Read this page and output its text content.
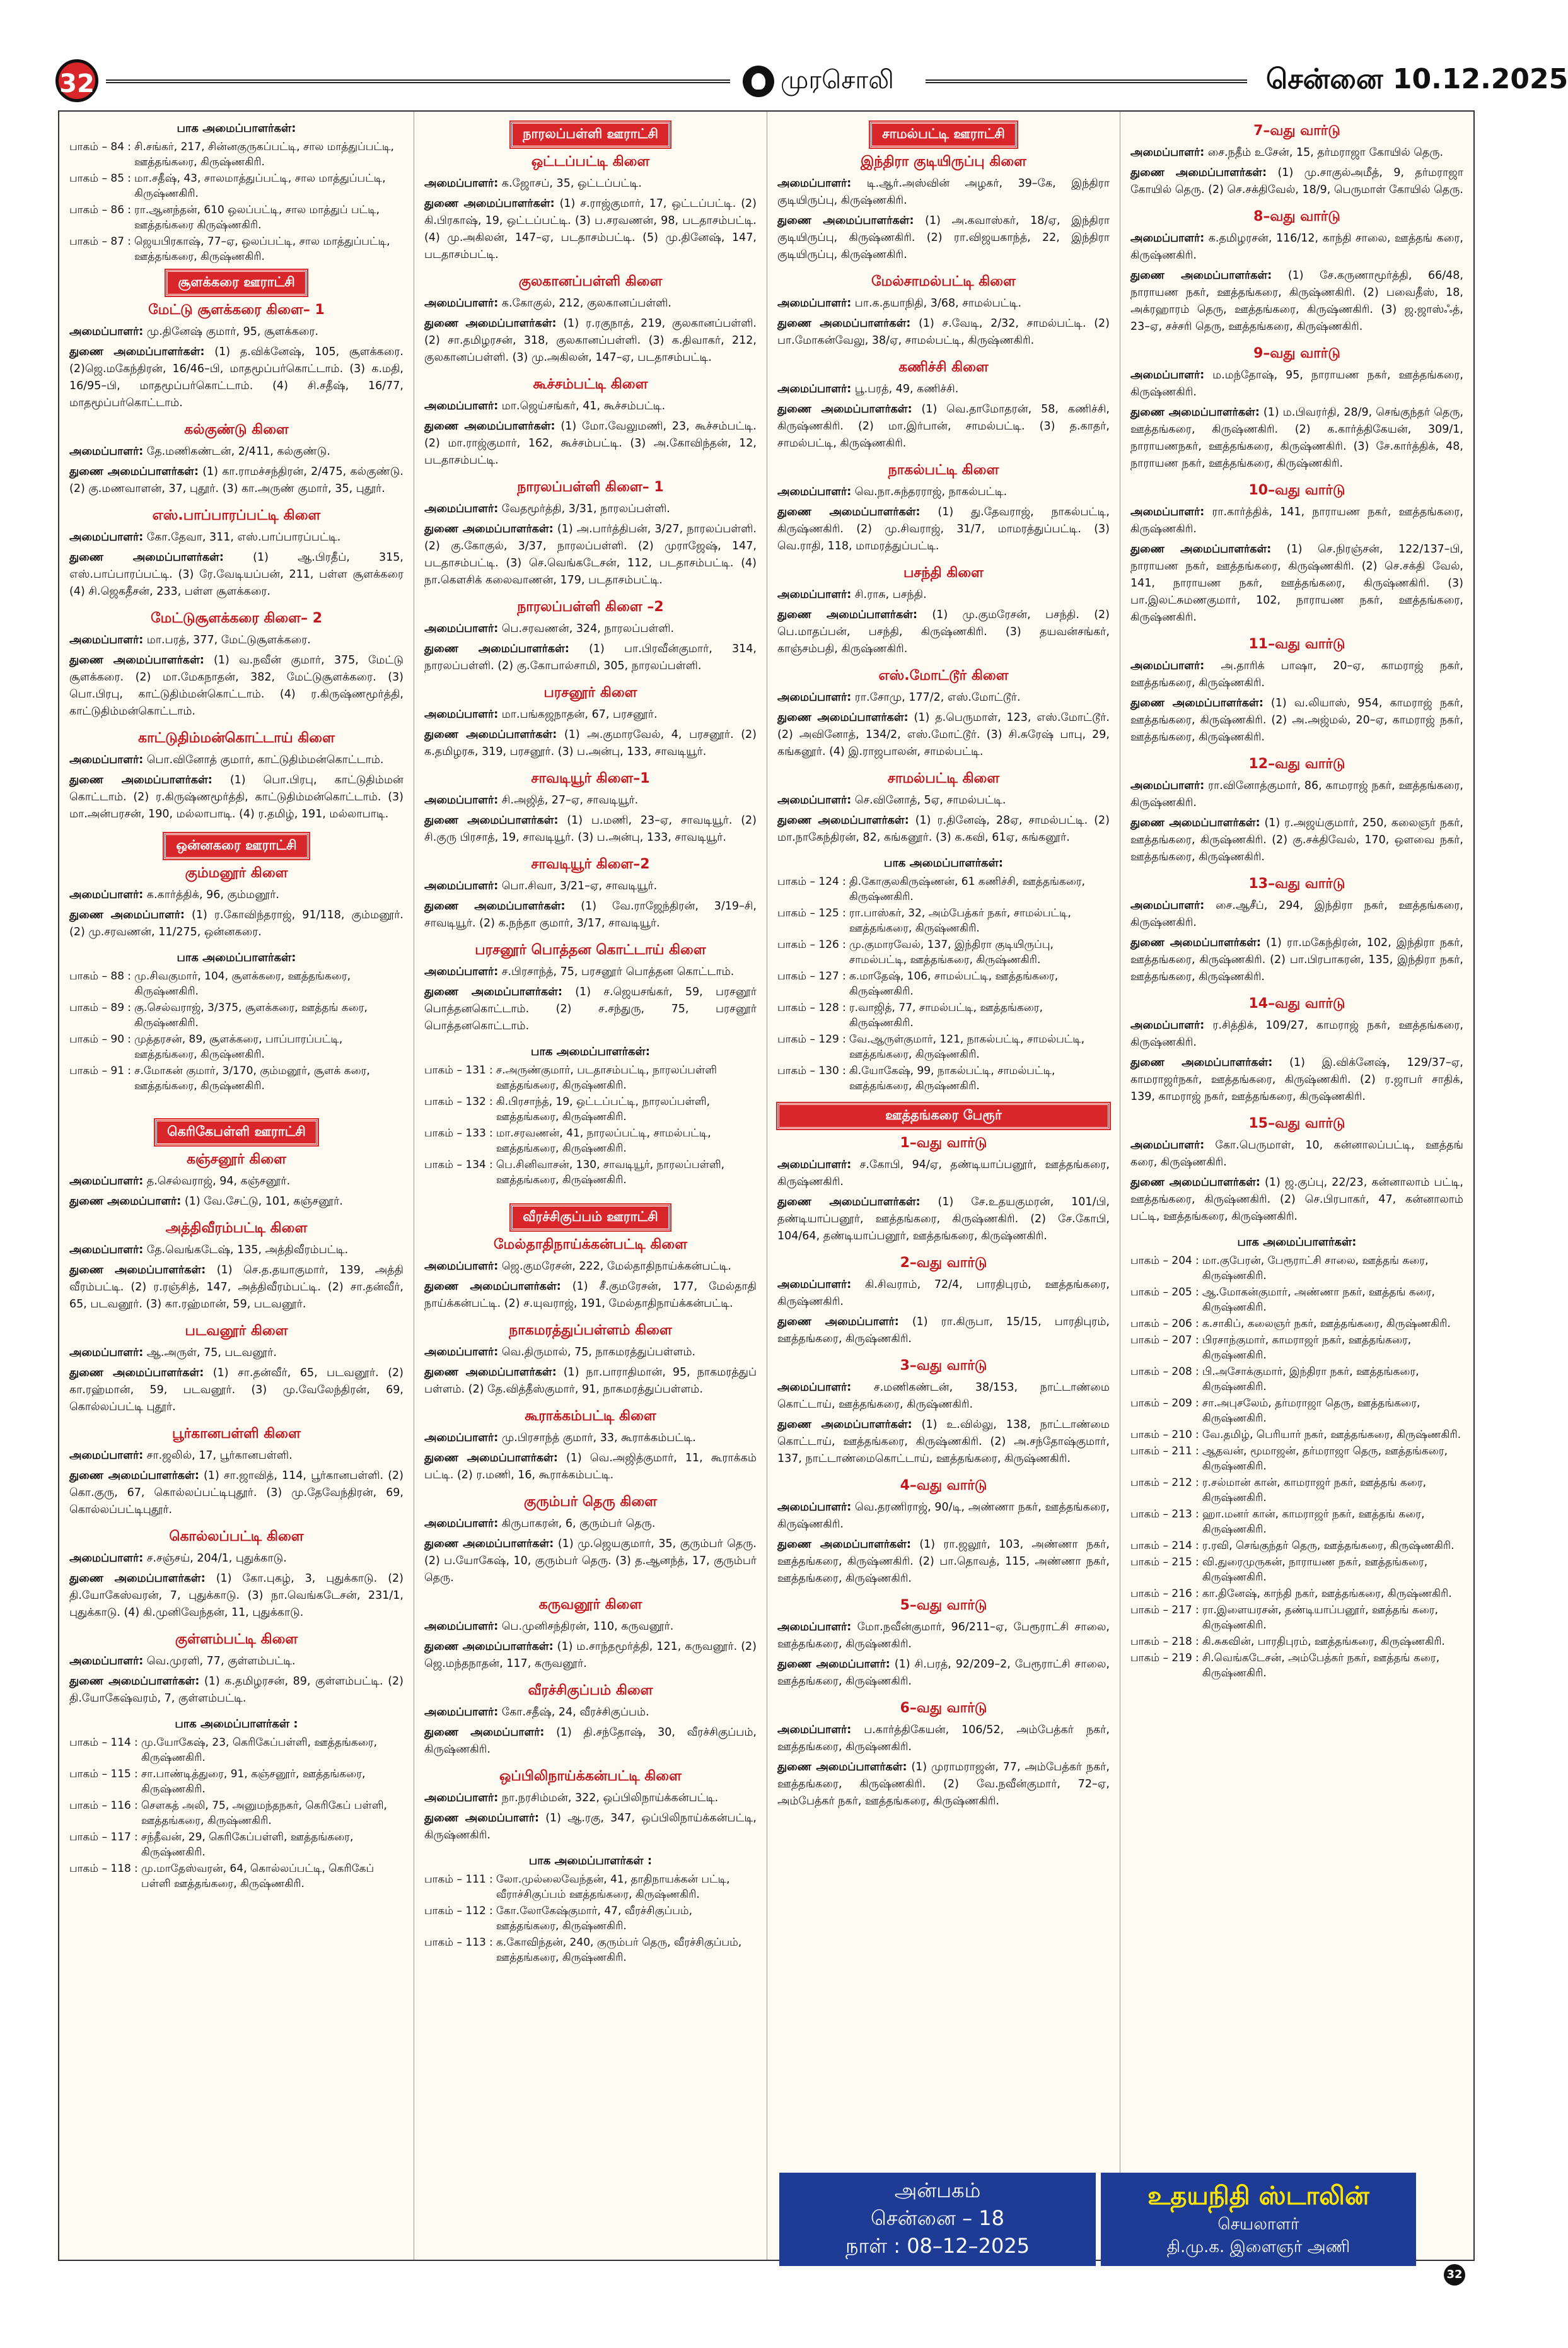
32	முரசொலி	சென்னை 10.12.2025
பாக அமைப்பாளர்கள்:
பாகம் – 84	:	சி.சங்கர், 217, சின்னகுருகப்பட்டி, சால மாத்துப்பட்டி, ஊத்தங்கரை, கிருஷ்ணகிரி.
பாகம் – 85	:	மா.சதீஷ், 43, சாலமாத்துப்பட்டி, சால மாத்துப்பட்டி, கிருஷ்ணகிரி.
பாகம் – 86	:	ரா.ஆனந்தன், 610 ஒலப்பட்டி, சால மாத்துப் பட்டி, ஊத்தங்கரை கிருஷ்ணகிரி.
பாகம் – 87	:	ஜெயபிரகாஷ், 77–ஏ, ஒலப்பட்டி, சால மாத்துப்பட்டி, ஊத்தங்கரை, கிருஷ்ணகிரி.
சூளக்கரை ஊராட்சி
மேட்டு சூளக்கரை கிளை– 1
அமைப்பாளர்: மு.தினேஷ் குமார், 95, சூளக்கரை.
துணை அமைப்பாளர்கள்: (1) த.விக்னேஷ், 105, சூளக்கரை. (2)ஜெ.மகேந்திரன், 16/46–பி, மாதமூப்பர்கொட்டாம். (3) க.மதி, 16/95–பி, மாதமூப்பர்கொட்டாம். (4) சி.சதீஷ், 16/77, மாதமூப்பர்கொட்டாம்.
கல்குண்டு கிளை
அமைப்பாளர்: தே.மணிகண்டன், 2/411, கல்குண்டு.
துணை அமைப்பாளர்கள்: (1) கா.ராமச்சந்திரன், 2/475, கல்குண்டு. (2) கு.மணவாளன், 37, புதூர். (3) கா.அருண் குமார், 35, புதூர்.
எஸ்.பாப்பாரப்பட்டி கிளை
அமைப்பாளர்: கோ.தேவா, 311, எஸ்.பாப்பாரப்பட்டி.
துணை அமைப்பாளர்கள்:	(1) ஆ.பிரதீப், 315, எஸ்.பாப்பாரப்பட்டி. (3) ரே.வேடியப்பன், 211, பள்ள சூளக்கரை (4) சி.ஜெகதீசன், 233, பள்ள சூளக்கரை.
மேட்டுசூளக்கரை கிளை– 2
அமைப்பாளர்: மா.பரத், 377, மேட்டுசூளக்கரை.
துணை அமைப்பாளர்கள்: (1) வ.நவீன் குமார், 375, மேட்டு சூளக்கரை. (2) மா.மேகநாதன், 382, மேட்டுசூளக்கரை. (3) பொ.பிரபு, காட்டுதிம்மன்கொட்டாம். (4) ர.கிருஷ்ணமூர்த்தி, காட்டுதிம்மன்கொட்டாம்.
காட்டுதிம்மன்கொட்டாய் கிளை
அமைப்பாளர்: பொ.வினோத் குமார், காட்டுதிம்மன்கொட்டாம்.
துணை அமைப்பாளர்கள்: (1) பொ.பிரபு, காட்டுதிம்மன் கொட்டாம். (2) ர.கிருஷ்ணமூர்த்தி, காட்டுதிம்மன்கொட்டாம். (3) மா.அன்பரசன், 190, மல்லாபாடி. (4) ர.தமிழ், 191, மல்லாபாடி.
ஒன்னகரை ஊராட்சி
கும்மனூர் கிளை
அமைப்பாளர்: க.கார்த்திக், 96, கும்மனூர்.
துணை அமைப்பாளர்: (1) ர.கோவிந்தராஜ், 91/118, கும்மனூர். (2) மு.சரவணன், 11/275, ஒன்னகரை.
பாக அமைப்பாளர்கள்:
பாகம் – 88	:	மு.சிவகுமார், 104, சூளக்கரை, ஊத்தங்கரை, கிருஷ்ணகிரி.
பாகம் – 89	:	கு.செல்வராஜ், 3/375, சூளக்கரை, ஊத்தங் கரை, கிருஷ்ணகிரி.
பாகம் – 90	:	முத்தரசன், 89, சூளக்கரை, பாப்பாரப்பட்டி, ஊத்தங்கரை, கிருஷ்ணகிரி.
பாகம் – 91	:	ச.மோகன் குமார், 3/170, கும்மனூர், சூளக் கரை, ஊத்தங்கரை, கிருஷ்ணகிரி.
கெரிகேபள்ளி ஊராட்சி
கஞ்சனூர் கிளை
அமைப்பாளர்: த.செல்வராஜ், 94, கஞ்சனூர்.
துணை அமைப்பாளர்: (1) வே.சேட்டு, 101, கஞ்சனூர்.
அத்திவீரம்பட்டி கிளை
அமைப்பாளர்: தே.வெங்கடேஷ், 135, அத்திவீரம்பட்டி.
துணை அமைப்பாளர்கள்: (1) செ.த.தயாகுமார், 139, அத்தி வீரம்பட்டி. (2) ர.ரஞ்சித், 147, அத்திவீரம்பட்டி. (2) சா.தன்வீர், 65, படவனூர். (3) கா.ரஹ்மான், 59, படவனூர்.
படவனூர் கிளை
அமைப்பாளர்: ஆ.அருள், 75, படவனூர்.
துணை அமைப்பாளர்கள்: (1) சா.தன்வீர், 65, படவனூர். (2) கா.ரஹ்மான், 59, படவனூர். (3) மு.வேலேந்திரன், 69, கொல்லப்பட்டி புதூர்.
பூர்கானபள்ளி கிளை
அமைப்பாளர்: சா.ஜலில், 17, பூர்கானபள்ளி.
துணை அமைப்பாளர்கள்: (1) சா.ஜாவித், 114, பூர்கானபள்ளி. (2) கொ.குரு, 67, கொல்லப்பட்டிபுதூர். (3) மு.தேவேந்திரன், 69, கொல்லப்பட்டிபுதூர்.
கொல்லப்பட்டி கிளை
அமைப்பாளர்: ச.சஞ்சய், 204/1, புதுக்காடு.
துணை அமைப்பாளர்கள்: (1) கோ.புகழ், 3, புதுக்காடு. (2) தி.யோகேஸ்வரன், 7, புதுக்காடு. (3) நா.வெங்கடேசன், 231/1, புதுக்காடு. (4) கி.முனிவேந்தன், 11, புதுக்காடு.
குள்ளம்பட்டி கிளை
அமைப்பாளர்: வெ.முரளி, 77, குள்ளம்பட்டி.
துணை அமைப்பாளர்கள்: (1) க.தமிழரசன், 89, குள்ளம்பட்டி. (2) தி.யோகேஷ்வரம், 7, குள்ளம்பட்டி.
பாக அமைப்பாளர்கள் :
பாகம் – 114	:	மு.யோகேஷ், 23, கெரிகேப்பள்ளி, ஊத்தங்கரை, கிருஷ்ணகிரி.
பாகம் – 115	:	சா.பாண்டித்துரை, 91, கஞ்சனூர், ஊத்தங்கரை, கிருஷ்ணகிரி.
பாகம் – 116	:	சௌகத் அலி, 75, அனுமந்தநகர், கெரிகேப் பள்ளி, ஊத்தங்கரை, கிருஷ்ணகிரி.
பாகம் – 117	:	சந்தீவன், 29, கெரிகேப்பள்ளி, ஊத்தங்கரை, கிருஷ்ணகிரி.
பாகம் – 118	:	மு.மாதேஸ்வரன், 64, கொல்லப்பட்டி, கெரிகேப் பள்ளி ஊத்தங்கரை, கிருஷ்ணகிரி.
நாரலப்பள்ளி ஊராட்சி
ஒட்டப்பட்டி கிளை
அமைப்பாளர்: க.ஜோசப், 35, ஒட்டப்பட்டி.
துணை அமைப்பாளர்கள்: (1) ச.ராஜ்குமார், 17, ஒட்டப்பட்டி. (2) கி.பிரகாஷ், 19, ஒட்டப்பட்டி. (3) ப.சரவணன், 98, படதாசம்பட்டி. (4) மு.அகிலன், 147–ஏ, படதாசம்பட்டி. (5) மு.தினேஷ், 147, படதாசம்பட்டி.
குலகானப்பள்ளி கிளை
அமைப்பாளர்: க.கோகுல், 212, குலகானப்பள்ளி.
துணை அமைப்பாளர்கள்: (1) ர.ரகுநாத், 219, குலகானப்பள்ளி. (2) சா.தமிழரசன், 318, குலகானப்பள்ளி. (3) க.திவாகர், 212, குலகானப்பள்ளி. (3) மு.அகிலன், 147–ஏ, படதாசம்பட்டி.
கூச்சம்பட்டி கிளை
அமைப்பாளர்: மா.ஜெய்சங்கர், 41, கூச்சம்பட்டி.
துணை அமைப்பாளர்கள்: (1) மோ.வேலுமணி, 23, கூச்சம்பட்டி. (2) மா.ராஜ்குமார், 162, கூச்சம்பட்டி. (3) அ.கோவிந்தன், 12, படதாசம்பட்டி.
நாரலப்பள்ளி கிளை– 1
அமைப்பாளர்: வேதமூர்த்தி, 3/31, நாரலப்பள்ளி.
துணை அமைப்பாளர்கள்: (1) அ.பார்த்திபன், 3/27, நாரலப்பள்ளி. (2) கு.கோகுல், 3/37, நாரலப்பள்ளி. (2) முராஜேஷ், 147, படதாசம்பட்டி. (3) செ.வெங்கடேசன், 112, படதாசம்பட்டி. (4) நா.கௌசிக் கலைவாணன், 179, படதாசம்பட்டி.
நாரலப்பள்ளி கிளை –2
அமைப்பாளர்: பெ.சரவணன், 324, நாரலப்பள்ளி.
துணை அமைப்பாளர்கள்: (1) பா.பிரவீன்குமார், 314, நாரலப்பள்ளி. (2) கு.கோபால்சாமி, 305, நாரலப்பள்ளி.
பரசனூர் கிளை
அமைப்பாளர்: மா.பங்கஜநாதன், 67, பரசனூர்.
துணை அமைப்பாளர்கள்: (1) அ.குமாரவேல், 4, பரசனூர். (2) க.தமிழரசு, 319, பரசனூர். (3) ப.அன்பு, 133, சாவடியூர்.
சாவடியூர் கிளை–1
அமைப்பாளர்: சி.அஜித், 27–ஏ, சாவடியூர்.
துணை அமைப்பாளர்கள்: (1) ப.மணி, 23–ஏ, சாவடியூர். (2) சி.குரு பிரசாத், 19, சாவடியூர். (3) ப.அன்பு, 133, சாவடியூர்.
சாவடியூர் கிளை–2
அமைப்பாளர்: பொ.சிவா, 3/21–ஏ, சாவடியூர்.
துணை அமைப்பாளர்கள்: (1) வே.ராஜேந்திரன், 3/19–சி, சாவடியூர். (2) க.நந்தா குமார், 3/17, சாவடியூர்.
பரசனூர் பொத்தன கொட்டாய் கிளை
அமைப்பாளர்: ச.பிரசாந்த், 75, பரசனூர் பொத்தன கொட்டாம்.
துணை அமைப்பாளர்கள்: (1) ச.ஜெயசங்கர், 59, பரசனூர் பொத்தனகொட்டாம். (2) ச.சந்துரு, 75, பரசனூர் பொத்தனகொட்டாம்.
பாக அமைப்பாளர்கள்:
பாகம் – 131	:	ச.அருண்குமார், படதாசம்பட்டி, நாரலப்பள்ளி ஊத்தங்கரை, கிருஷ்ணகிரி.
பாகம் – 132	:	கி.பிரசாந்த், 19, ஒட்டப்பட்டி, நாரலப்பள்ளி, ஊத்தங்கரை, கிருஷ்ணகிரி.
பாகம் – 133	:	மா.சரவணன், 41, நாரலப்பட்டி, சாமல்பட்டி, ஊத்தங்கரை, கிருஷ்ணகிரி.
பாகம் – 134	:	பெ.சினிவாசன், 130, சாவடியூர், நாரலப்பள்ளி, ஊத்தங்கரை, கிருஷ்ணகிரி.
வீரச்சிகுப்பம் ஊராட்சி
மேல்தாதிநாய்க்கன்பட்டி கிளை
அமைப்பாளர்: ஜெ.குமரேசன், 222, மேல்தாதிநாய்க்கன்பட்டி.
துணை அமைப்பாளர்கள்: (1) சீ.குமரேசன், 177, மேல்தாதி நாய்க்கன்பட்டி. (2) ச.யுவராஜ், 191, மேல்தாதிநாய்க்கன்பட்டி.
நாகமரத்துப்பள்ளம் கிளை
அமைப்பாளர்: வெ.திருமால், 75, நாகமரத்துப்பள்ளம்.
துணை அமைப்பாளர்கள்: (1) நா.பாராதிமான், 95, நாகமரத்துப் பள்ளம். (2) தே.வித்தீஸ்குமார், 91, நாகமரத்துப்பள்ளம்.
கூராக்கம்பட்டி கிளை
அமைப்பாளர்: மு.பிரசாந்த் குமார், 33, கூராக்கம்பட்டி.
துணை அமைப்பாளர்கள்: (1) வெ.அஜித்குமார், 11, கூராக்கம் பட்டி. (2) ர.மணி, 16, கூராக்கம்பட்டி.
குரும்பர் தெரு கிளை
அமைப்பாளர்: கிருபாகரன், 6, குரும்பர் தெரு.
துணை அமைப்பாளர்கள்: (1) மு.ஜெயகுமார், 35, குரும்பர் தெரு. (2) ப.யோகேஷ், 10, குரும்பர் தெரு. (3) த.ஆனந்த், 17, குரும்பர் தெரு.
கருவனூர் கிளை
அமைப்பாளர்: பெ.முனிசந்திரன், 110, கருவனூர்.
துணை அமைப்பாளர்கள்: (1) ம.சாந்தமூர்த்தி, 121, கருவனூர். (2) ஜெ.மந்தநாதன், 117, கருவனூர்.
வீரச்சிகுப்பம் கிளை
அமைப்பாளர்: கோ.சதீஷ், 24, வீரச்சிகுப்பம்.
துணை அமைப்பாளர்: (1) தி.சந்தோஷ், 30, வீரச்சிகுப்பம், கிருஷ்ணகிரி.
ஒப்பிலிநாய்க்கன்பட்டி கிளை
அமைப்பாளர்: நா.நரசிம்மன், 322, ஒப்பிலிநாய்க்கன்பட்டி.
துணை அமைப்பாளர்: (1) ஆ.ரகு, 347, ஒப்பிலிநாய்க்கன்பட்டி, கிருஷ்ணகிரி.
பாக அமைப்பாளர்கள் :
பாகம் – 111	:	லோ.முல்லைவேந்தன், 41, தாதிநாயக்கன் பட்டி, வீராச்சிகுப்பம் ஊத்தங்கரை, கிருஷ்ணகிரி.
பாகம் – 112	:	கோ.லோகேஷ்குமார், 47, வீரச்சிகுப்பம், ஊத்தங்கரை, கிருஷ்ணகிரி.
பாகம் – 113	:	க.கோவிந்தன், 240, குரும்பர் தெரு, வீரச்சிகுப்பம், ஊத்தங்கரை, கிருஷ்ணகிரி.
சாமல்பட்டி ஊராட்சி
இந்திரா குடியிருப்பு கிளை
அமைப்பாளர்: டி.ஆர்.அஸ்வின் அழகர், 39–கே, இந்திரா குடியிருப்பு, கிருஷ்ணகிரி.
துணை அமைப்பாளர்கள்: (1) அ.கவாஸ்கர், 18/ஏ, இந்திரா குடியிருப்பு, கிருஷ்ணகிரி. (2) ரா.விஜயகாந்த், 22, இந்திரா குடியிருப்பு, கிருஷ்ணகிரி.
மேல்சாமல்பட்டி கிளை
அமைப்பாளர்: பா.க.தயாநிதி, 3/68, சாமல்பட்டி.
துணை அமைப்பாளர்கள்: (1) ச.வேடி, 2/32, சாமல்பட்டி. (2) பா.மோகன்வேலு, 38/ஏ, சாமல்பட்டி, கிருஷ்ணகிரி.
கணிச்சி கிளை
அமைப்பாளர்: பூ.பரத், 49, கணிச்சி.
துணை அமைப்பாளர்கள்: (1) வெ.தாமோதரன், 58, கணிச்சி, கிருஷ்ணகிரி. (2) மா.இர்பான், சாமல்பட்டி. (3) த.காதர், சாமல்பட்டி, கிருஷ்ணகிரி.
நாகல்பட்டி கிளை
அமைப்பாளர்: வெ.நா.சுந்தரராஜ், நாகல்பட்டி.
துணை அமைப்பாளர்கள்: (1) து.தேவராஜ், நாகல்பட்டி, கிருஷ்ணகிரி. (2) மு.சிவராஜ், 31/7, மாமரத்துப்பட்டி. (3) வெ.ராதி, 118, மாமரத்துப்பட்டி.
பசந்தி கிளை
அமைப்பாளர்: சி.ராசு, பசந்தி.
துணை அமைப்பாளர்கள்: (1) மு.குமரேசன், பசந்தி. (2) பெ.மாதப்பன், பசந்தி, கிருஷ்ணகிரி. (3) தயவன்சங்கர், காஞ்சம்பதி, கிருஷ்ணகிரி.
எஸ்.மோட்டூர் கிளை
அமைப்பாளர்: ரா.சோமு, 177/2, எஸ்.மோட்டூர்.
துணை அமைப்பாளர்கள்: (1) த.பெருமாள், 123, எஸ்.மோட்டூர். (2) அவினோத், 134/2, எஸ்.மோட்டூர். (3) சி.சுரேஷ் பாபு, 29, கங்கனூர். (4) இ.ராஜபாலன், சாமல்பட்டி.
சாமல்பட்டி கிளை
அமைப்பாளர்: செ.வினோத், 5ஏ, சாமல்பட்டி.
துணை அமைப்பாளர்கள்: (1) ர.தினேஷ், 28ஏ, சாமல்பட்டி. (2) மா.நாகேந்திரன், 82, கங்கனூர். (3) க.கவி, 61ஏ, கங்கனூர்.
பாக அமைப்பாளர்கள்:
பாகம் – 124	:	தி.கோகுலகிருஷ்ணன், 61 கணிச்சி, ஊத்தங்கரை, கிருஷ்ணகிரி.
பாகம் – 125	:	ரா.பாஸ்கர், 32, அம்பேத்கர் நகர், சாமல்பட்டி, ஊத்தங்கரை, கிருஷ்ணகிரி.
பாகம் – 126	:	மு.குமாரவேல், 137, இந்திரா குடியிருப்பு, சாமல்பட்டி, ஊத்தங்கரை, கிருஷ்ணகிரி.
பாகம் – 127	:	க.மாதேஷ், 106, சாமல்பட்டி, ஊத்தங்கரை, கிருஷ்ணகிரி.
பாகம் – 128	:	ர.வாஜித், 77, சாமல்பட்டி, ஊத்தங்கரை, கிருஷ்ணகிரி.
பாகம் – 129	:	வே.ஆருள்குமார், 121, நாகல்பட்டி, சாமல்பட்டி, ஊத்தங்கரை, கிருஷ்ணகிரி.
பாகம் – 130	:	கி.யோகேஷ், 99, நாகல்பட்டி, சாமல்பட்டி, ஊத்தங்கரை, கிருஷ்ணகிரி.
ஊத்தங்கரை பேரூர்
1–வது வார்டு
அமைப்பாளர்: ச.கோபி, 94/ஏ, தண்டியாப்பனூர், ஊத்தங்கரை, கிருஷ்ணகிரி.
துணை அமைப்பாளர்கள்: (1) சே.உதயகுமரன், 101/பி, தண்டியாப்பனூர், ஊத்தங்கரை, கிருஷ்ணகிரி. (2) சே.கோபி, 104/64, தண்டியாப்பனூர், ஊத்தங்கரை, கிருஷ்ணகிரி.
2–வது வார்டு
அமைப்பாளர்: கி.சிவராம், 72/4, பாரதிபுரம், ஊத்தங்கரை, கிருஷ்ணகிரி.
துணை அமைப்பாளர்: (1) ரா.கிருபா, 15/15, பாரதிபுரம், ஊத்தங்கரை, கிருஷ்ணகிரி.
3–வது வார்டு
அமைப்பாளர்: ச.மணிகண்டன், 38/153, நாட்டாண்மை கொட்டாய், ஊத்தங்கரை, கிருஷ்ணகிரி.
துணை அமைப்பாளர்கள்: (1) உ.வில்லு, 138, நாட்டாண்மை கொட்டாய், ஊத்தங்கரை, கிருஷ்ணகிரி. (2) அ.சந்தோஷ்குமார், 137, நாட்டாண்மைகொட்டாய், ஊத்தங்கரை, கிருஷ்ணகிரி.
4–வது வார்டு
அமைப்பாளர்: வெ.தரணிராஜ், 90/டி, அண்ணா நகர், ஊத்தங்கரை, கிருஷ்ணகிரி.
துணை அமைப்பாளர்கள்: (1) ரா.ஜலூர், 103, அண்ணா நகர், ஊத்தங்கரை, கிருஷ்ணகிரி. (2) பா.தொவத், 115, அண்ணா நகர், ஊத்தங்கரை, கிருஷ்ணகிரி.
5–வது வார்டு
அமைப்பாளர்: மோ.நவீன்குமார், 96/211–ஏ, பேரூராட்சி சாலை, ஊத்தங்கரை, கிருஷ்ணகிரி.
துணை அமைப்பாளர்: (1) சி.பரத், 92/209–2, பேரூராட்சி சாலை, ஊத்தங்கரை, கிருஷ்ணகிரி.
6–வது வார்டு
அமைப்பாளர்: ப.கார்த்திகேயன், 106/52, அம்பேத்கர் நகர், ஊத்தங்கரை, கிருஷ்ணகிரி.
துணை அமைப்பாளர்கள்: (1) முராமராஜன், 77, அம்பேத்கர் நகர், ஊத்தங்கரை, கிருஷ்ணகிரி. (2) வே.நவீன்குமார், 72–ஏ, அம்பேத்கர் நகர், ஊத்தங்கரை, கிருஷ்ணகிரி.
7–வது வார்டு
அமைப்பாளர்: சை.நதீம் உசேன், 15, தர்மராஜா கோயில் தெரு.
துணை அமைப்பாளர்கள்: (1) மு.சாகுல்அமீத், 9, தர்மராஜா கோயில் தெரு. (2) செ.சக்திவேல், 18/9, பெருமாள் கோயில் தெரு.
8–வது வார்டு
அமைப்பாளர்: க.தமிழரசன், 116/12, காந்தி சாலை, ஊத்தங் கரை, கிருஷ்ணகிரி.
துணை அமைப்பாளர்கள்: (1) சே.கருணாமூர்த்தி, 66/48, நாராயண நகர், ஊத்தங்கரை, கிருஷ்ணகிரி. (2) பவைதீஸ், 18, அக்ரஹாரம் தெரு, ஊத்தங்கரை, கிருஷ்ணகிரி. (3) ஜ.ஜாஸ்ஃத், 23–ஏ, சச்சரி தெரு, ஊத்தங்கரை, கிருஷ்ணகிரி.
9–வது வார்டு
அமைப்பாளர்: ம.மந்தோஷ், 95, நாராயண நகர், ஊத்தங்கரை, கிருஷ்ணகிரி.
துணை அமைப்பாளர்கள்: (1) ம.பிவரர்தி, 28/9, செங்குந்தர் தெரு, ஊத்தங்கரை, கிருஷ்ணகிரி. (2) க.கார்த்திகேயன், 309/1, நாராயணநகர், ஊத்தங்கரை, கிருஷ்ணகிரி. (3) சே.கார்த்திக், 48, நாராயண நகர், ஊத்தங்கரை, கிருஷ்ணகிரி.
10–வது வார்டு
அமைப்பாளர்: ரா.கார்த்திக், 141, நாராயண நகர், ஊத்தங்கரை, கிருஷ்ணகிரி.
துணை அமைப்பாளர்கள்: (1) செ.நிரஞ்சன், 122/137–பி, நாராயண நகர், ஊத்தங்கரை, கிருஷ்ணகிரி. (2) செ.சக்தி வேல், 141, நாராயண நகர், ஊத்தங்கரை, கிருஷ்ணகிரி. (3) பா.இலட்சுமணகுமார், 102, நாராயண நகர், ஊத்தங்கரை, கிருஷ்ணகிரி.
11–வது வார்டு
அமைப்பாளர்: அ.தாரிக் பாஷா, 20–ஏ, காமராஜ் நகர், ஊத்தங்கரை, கிருஷ்ணகிரி.
துணை அமைப்பாளர்கள்: (1) வ.லியாஸ், 954, காமராஜ் நகர், ஊத்தங்கரை, கிருஷ்ணகிரி. (2) அ.அஜ்மல், 20–ஏ, காமராஜ் நகர், ஊத்தங்கரை, கிருஷ்ணகிரி.
12–வது வார்டு
அமைப்பாளர்: ரா.வினோத்குமார், 86, காமராஜ் நகர், ஊத்தங்கரை, கிருஷ்ணகிரி.
துணை அமைப்பாளர்கள்: (1) ர.அஜய்குமார், 250, கலைஞர் நகர், ஊத்தங்கரை, கிருஷ்ணகிரி. (2) கு.சக்திவேல், 170, ஒளவை நகர், ஊத்தங்கரை, கிருஷ்ணகிரி.
13–வது வார்டு
அமைப்பாளர்: சை.ஆசீப், 294, இந்திரா நகர், ஊத்தங்கரை, கிருஷ்ணகிரி.
துணை அமைப்பாளர்கள்: (1) ரா.மகேந்திரன், 102, இந்திரா நகர், ஊத்தங்கரை, கிருஷ்ணகிரி. (2) பா.பிரபாகரன், 135, இந்திரா நகர், ஊத்தங்கரை, கிருஷ்ணகிரி.
14–வது வார்டு
அமைப்பாளர்: ர.சித்திக், 109/27, காமராஜ் நகர், ஊத்தங்கரை, கிருஷ்ணகிரி.
துணை அமைப்பாளர்கள்: (1) இ.விக்னேஷ், 129/37–ஏ, காமராஜர்நகர், ஊத்தங்கரை, கிருஷ்ணகிரி. (2) ர.ஜாபர் சாதிக், 139, காமராஜ் நகர், ஊத்தங்கரை, கிருஷ்ணகிரி.
15–வது வார்டு
அமைப்பாளர்: கோ.பெருமாள், 10, கன்னாலப்பட்டி, ஊத்தங் கரை, கிருஷ்ணகிரி.
துணை அமைப்பாளர்கள்: (1) ஜ.குப்பு, 22/23, கன்னாலாம் பட்டி, ஊத்தங்கரை, கிருஷ்ணகிரி. (2) செ.பிரபாகர், 47, கன்னாலாம் பட்டி, ஊத்தங்கரை, கிருஷ்ணகிரி.
பாக அமைப்பாளர்கள்:
பாகம் – 204	:	மா.குபேரன், பேரூராட்சி சாலை, ஊத்தங் கரை, கிருஷ்ணகிரி.
பாகம் – 205	:	ஆ.மோகன்குமார், அண்ணா நகர், ஊத்தங் கரை, கிருஷ்ணகிரி.
பாகம் – 206	:	க.சாகிப், கலைஞர் நகர், ஊத்தங்கரை, கிருஷ்ணகிரி.
பாகம் – 207	:	பிரசாந்குமார், காமராஜர் நகர், ஊத்தங்கரை, கிருஷ்ணகிரி.
பாகம் – 208	:	பி.அசோக்குமார், இந்திரா நகர், ஊத்தங்கரை, கிருஷ்ணகிரி.
பாகம் – 209	:	சா.அபுசலேம், தர்மராஜா தெரு, ஊத்தங்கரை, கிருஷ்ணகிரி.
பாகம் – 210	:	வே.தமிழ், பெரியார் நகர், ஊத்தங்கரை, கிருஷ்ணகிரி.
பாகம் – 211	:	ஆதவன், மூமாஜன், தர்மராஜா தெரு, ஊத்தங்கரை, கிருஷ்ணகிரி.
பாகம் – 212	:	ர.சல்மான் கான், காமராஜர் நகர், ஊத்தங் கரை, கிருஷ்ணகிரி.
பாகம் – 213	:	ஹா.மனர் கான், காமராஜர் நகர், ஊத்தங் கரை, கிருஷ்ணகிரி.
பாகம் – 214	:	ர.ரவி, செங்குந்தர் தெரு, ஊத்தங்கரை, கிருஷ்ணகிரி.
பாகம் – 215	:	வி.துரைமுருகன், நாராயண நகர், ஊத்தங்கரை, கிருஷ்ணகிரி.
பாகம் – 216	:	கா.தினேஷ், காந்தி நகர், ஊத்தங்கரை, கிருஷ்ணகிரி.
பாகம் – 217	:	ரா.இளையரசன், தண்டியாப்பனூர், ஊத்தங் கரை, கிருஷ்ணகிரி.
பாகம் – 218	:	கி.சுகவின், பாரதிபுரம், ஊத்தங்கரை, கிருஷ்ணகிரி.
பாகம் – 219	:	சி.வெங்கடேசன், அம்பேத்கர் நகர், ஊத்தங் கரை, கிருஷ்ணகிரி.
அன்பகம்
சென்னை – 18
நாள் : 08–12–2025
உதயநிதி ஸ்டாலின்
செயலாளர்
தி.மு.க. இளைஞர் அணி
32
